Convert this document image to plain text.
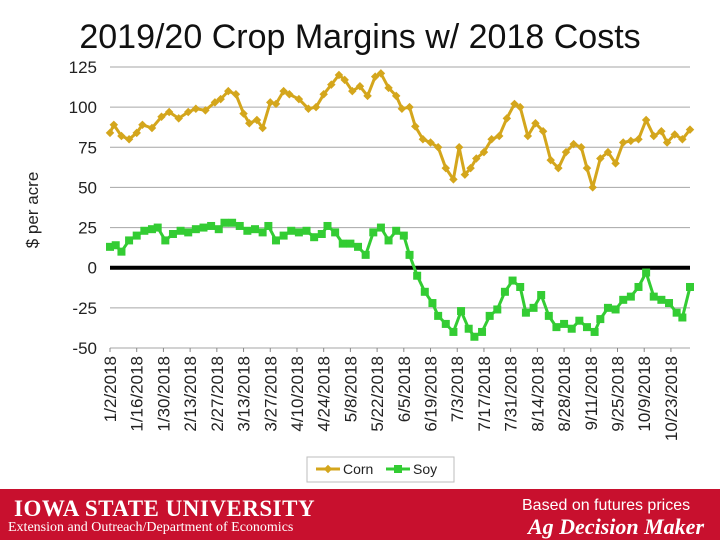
2019/20 Crop Margins w/ 2018 Costs
$ per acre
125
100
75
50
25
0
-25
-50
1/2/2018 1/16/2018 1/30/2018 2/13/2018 2/27/2018 3/13/2018 3/27/2018 4/10/2018 4/24/2018 5/8/2018 5/22/2018 6/5/2018 6/19/2018 7/3/2018 7/17/2018 7/31/2018 8/14/2018 8/28/2018 9/11/2018 9/25/2018 10/9/2018 10/23/2018
Corn	Soy
IOWA STATE UNIVERSITY
Extension and Outreach/Department of Economics
Based on futures prices
Ag Decision Maker
